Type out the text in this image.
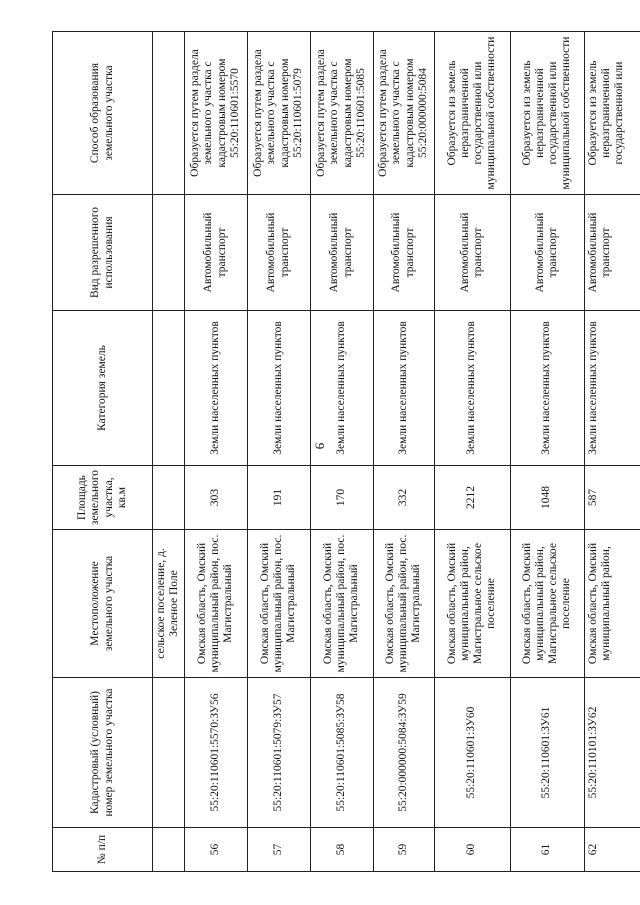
9
№ п/п	Кадастровый (условный) номер земельного участка	Местоположение земельного участка	Площадь земельного участка, кв.м	Категория земель	Вид разрешенного использования	Способ образования земельного участка
		сельское поселение, д. Зеленое Поле				
56	55:20:110601:5570:ЗУ56	Омская область, Омский муниципальный район, пос. Магистральный	303	Земли населенных пунктов	Автомобильный транспорт	Образуется путем раздела земельного участка с кадастровым номером 55:20:110601:5570
57	55:20:110601:5079:ЗУ57	Омская область, Омский муниципальный район, пос. Магистральный	191	Земли населенных пунктов	Автомобильный транспорт	Образуется путем раздела земельного участка с кадастровым номером 55:20:110601:5079
58	55:20:110601:5085:ЗУ58	Омская область, Омский муниципальный район, пос. Магистральный	170	Земли населенных пунктов	Автомобильный транспорт	Образуется путем раздела земельного участка с кадастровым номером 55:20:110601:5085
59	55:20:000000:5084:ЗУ59	Омская область, Омский муниципальный район, пос. Магистральный	332	Земли населенных пунктов	Автомобильный транспорт	Образуется путем раздела земельного участка с кадастровым номером 55:20:000000:5084
60	55:20:110601:ЗУ60	Омская область, Омский муниципальный район, Магистральное сельское поселение	2212	Земли населенных пунктов	Автомобильный транспорт	Образуется из земель неразграниченной государственной или муниципальной собственности
61	55:20:110601:ЗУ61	Омская область, Омский муниципальный район, Магистральное сельское поселение	1048	Земли населенных пунктов	Автомобильный транспорт	Образуется из земель неразграниченной государственной или муниципальной собственности
62	55:20:110101:ЗУ62	Омская область, Омский муниципальный район,	587	Земли населенных пунктов	Автомобильный транспорт	Образуется из земель неразграниченной государственной или
